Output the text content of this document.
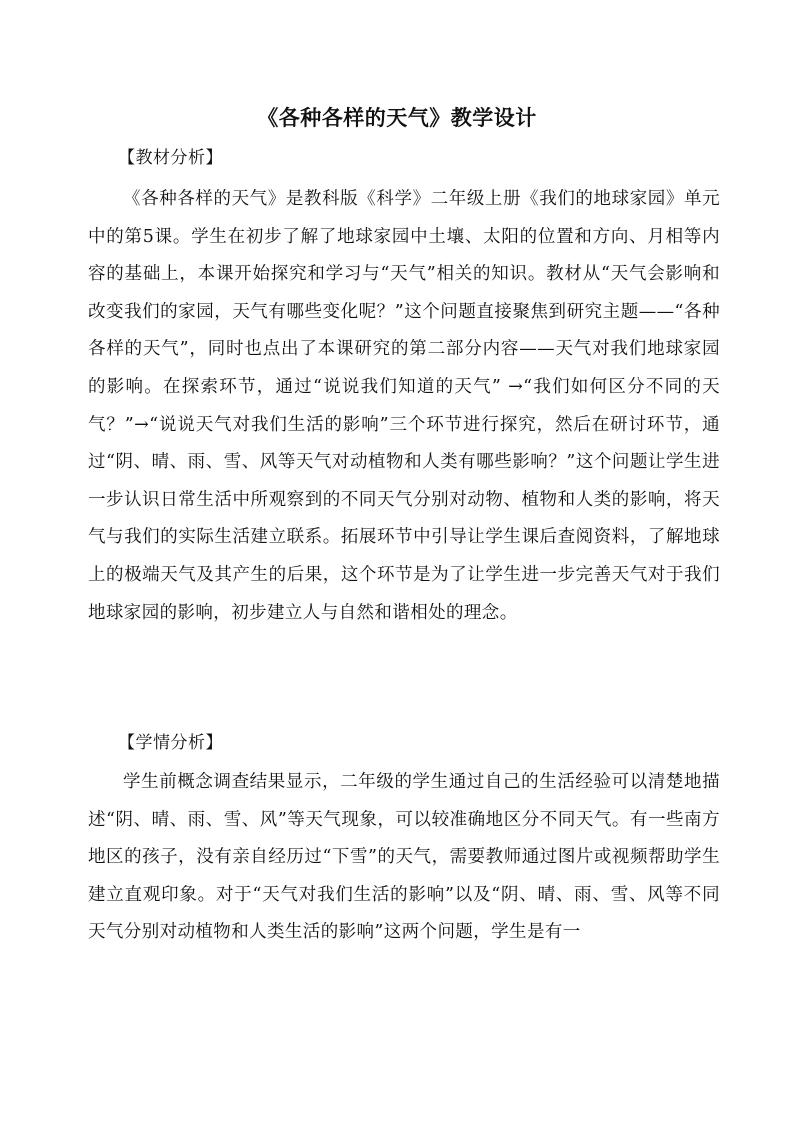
《各种各样的天气》教学设计
【教材分析】

《各种各样的天气》是教科版《科学》二年级上册《我们的地球家园》单元中的第5课。学生在初步了解了地球家园中土壤、太阳的位置和方向、月相等内容的基础上，本课开始探究和学习与“天气”相关的知识。教材从“天气会影响和改变我们的家园，天气有哪些变化呢？”这个问题直接聚焦到研究主题——“各种各样的天气”，同时也点出了本课研究的第二部分内容——天气对我们地球家园的影响。在探索环节，通过“说说我们知道的天气” →“我们如何区分不同的天气？”→“说说天气对我们生活的影响”三个环节进行探究，然后在研讨环节，通过“阴、晴、雨、雪、风等天气对动植物和人类有哪些影响？”这个问题让学生进一步认识日常生活中所观察到的不同天气分别对动物、植物和人类的影响，将天气与我们的实际生活建立联系。拓展环节中引导让学生课后查阅资料，了解地球上的极端天气及其产生的后果，这个环节是为了让学生进一步完善天气对于我们地球家园的影响，初步建立人与自然和谐相处的理念。

【学情分析】

学生前概念调查结果显示，二年级的学生通过自己的生活经验可以清楚地描述“阴、晴、雨、雪、风”等天气现象，可以较准确地区分不同天气。有一些南方地区的孩子，没有亲自经历过“下雪”的天气，需要教师通过图片或视频帮助学生建立直观印象。对于“天气对我们生活的影响”以及“阴、晴、雨、雪、风等不同天气分别对动植物和人类生活的影响”这两个问题，学生是有一
